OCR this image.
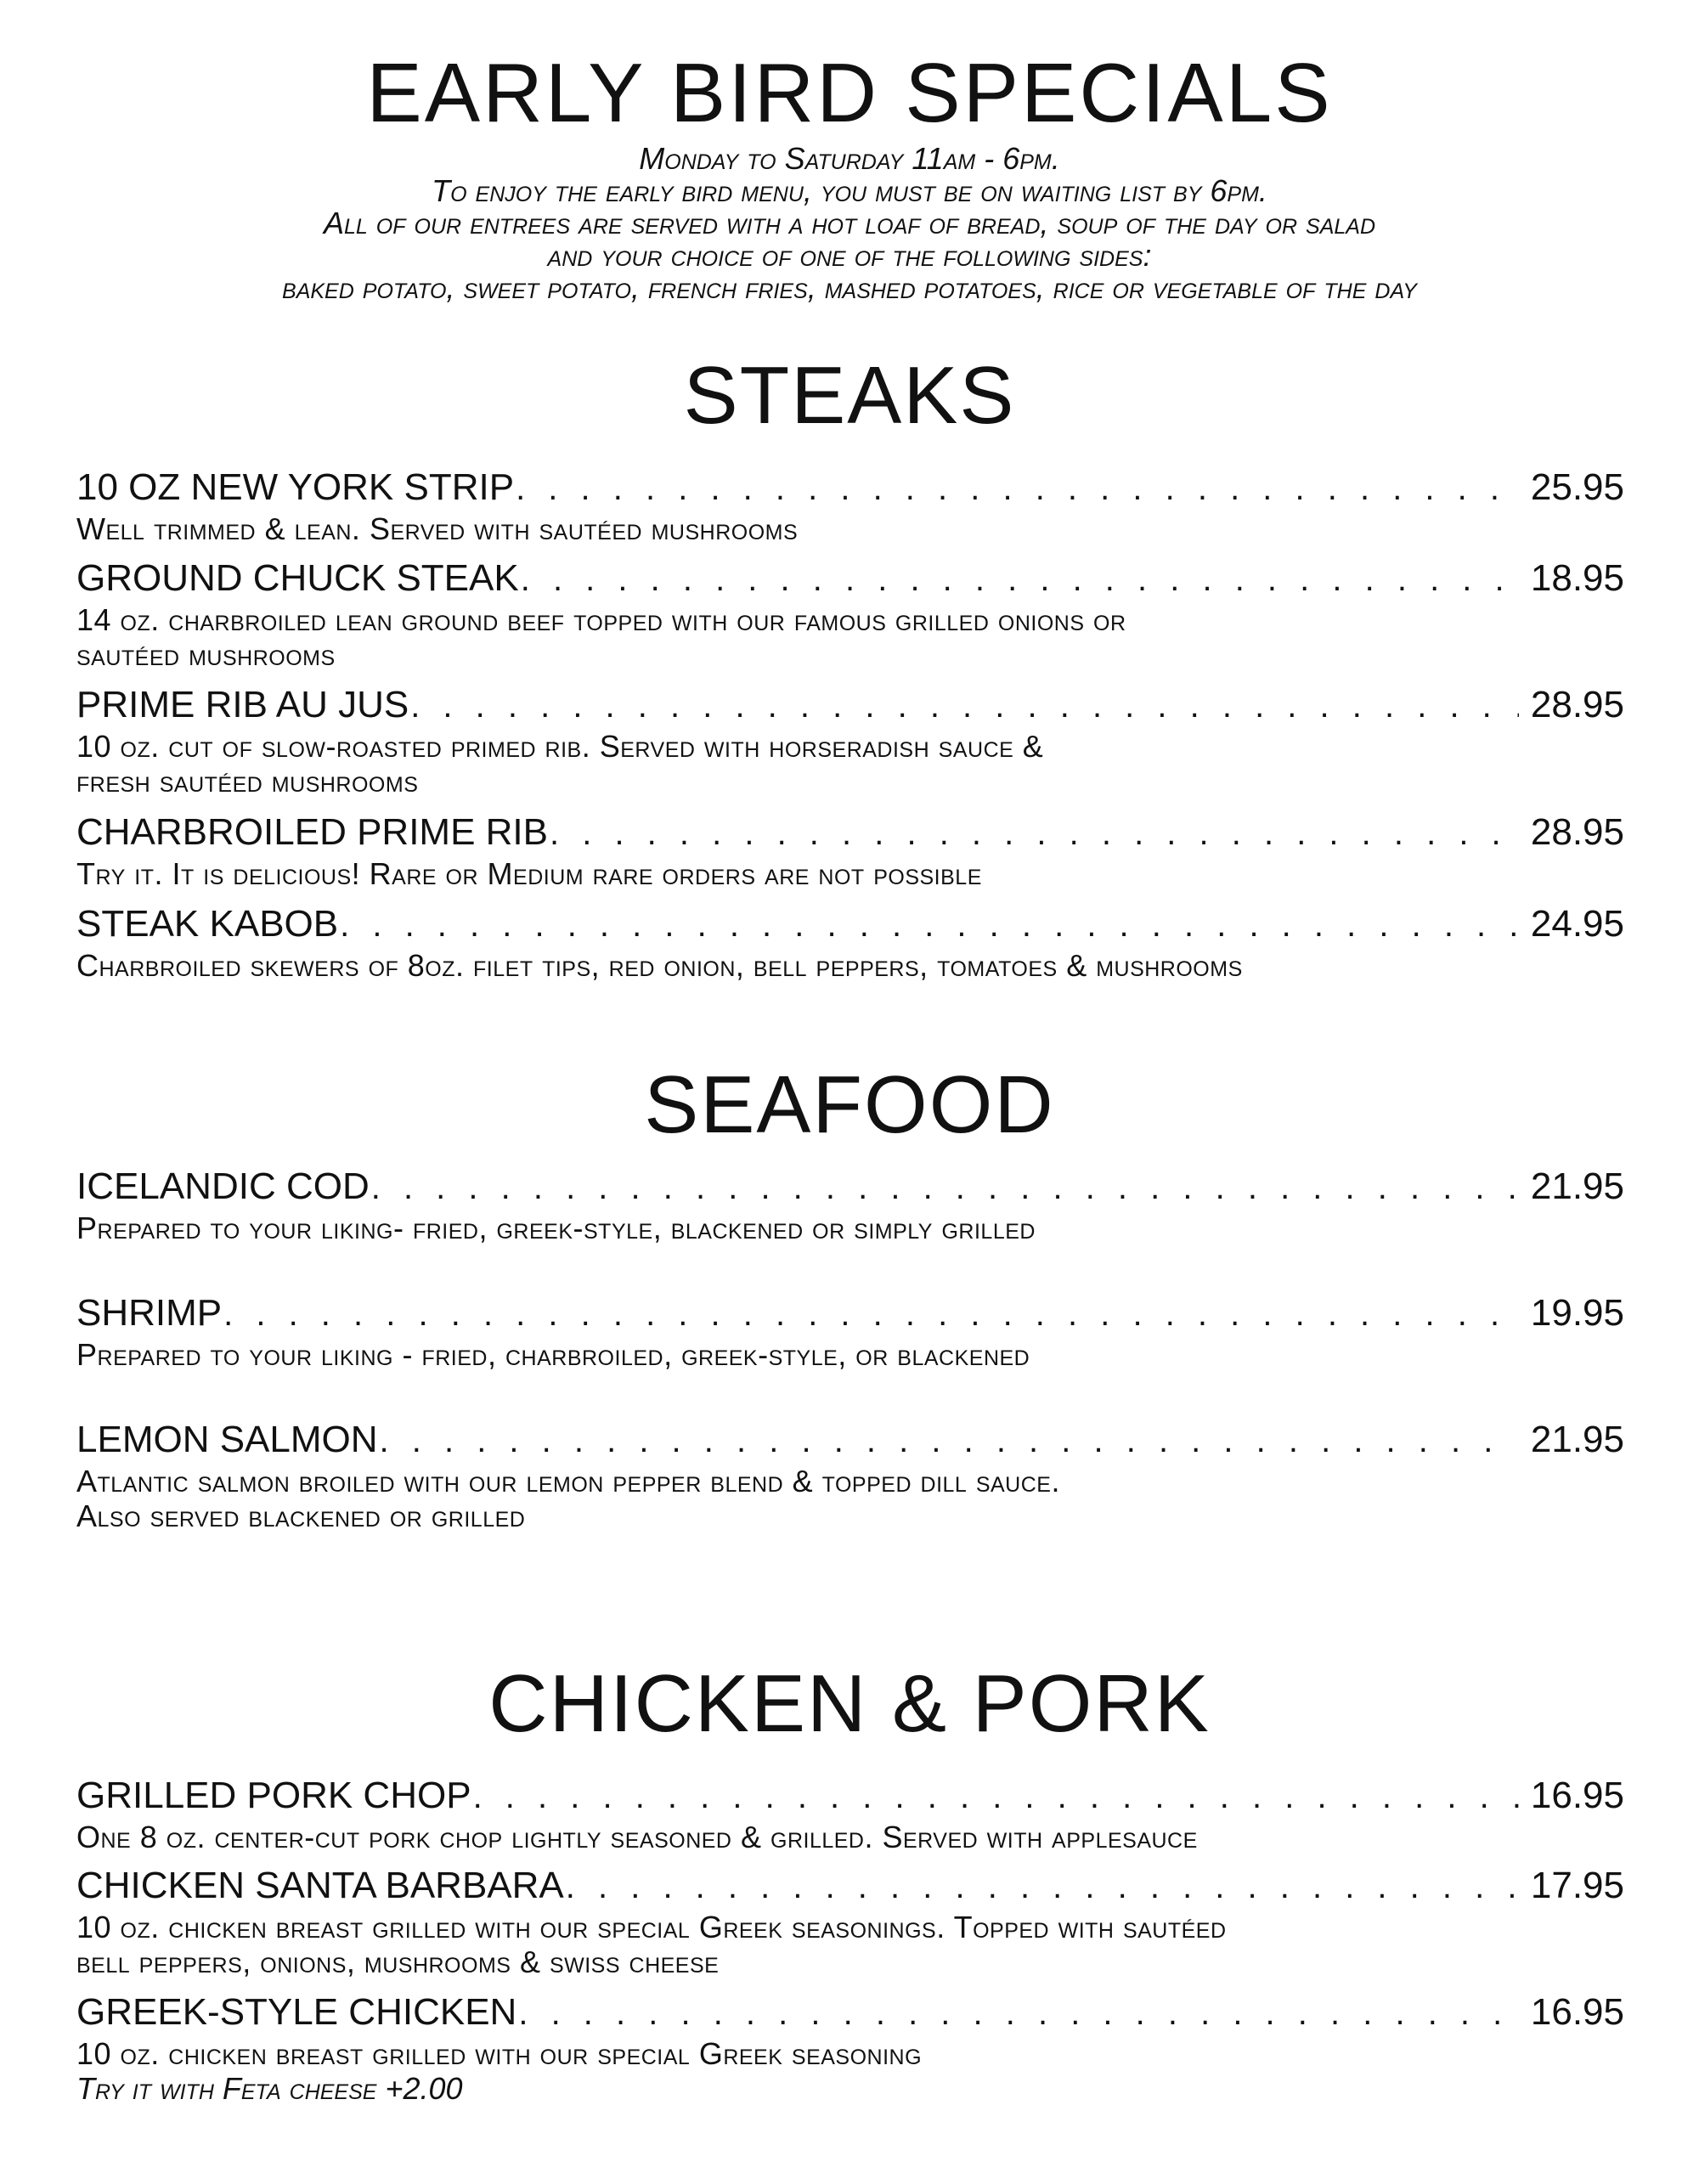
EARLY BIRD SPECIALS
Monday to Saturday 11am - 6pm.
To enjoy the early bird menu, you must be on waiting list by 6pm.
All of our entrees are served with a hot loaf of bread, soup of the day or salad
and your choice of one of the following sides:
baked potato, sweet potato, french fries, mashed potatoes, rice or vegetable of the day
STEAKS
10 OZ NEW YORK STRIP . . .	25.95
Well trimmed & lean. Served with sautéed mushrooms
GROUND CHUCK STEAK . . .	18.95
14 oz. charbroiled lean ground beef topped with our famous grilled onions or
sautéed mushrooms
PRIME RIB AU JUS . . .	28.95
10 oz. cut of slow-roasted primed rib. Served with horseradish sauce &
fresh sautéed mushrooms
CHARBROILED PRIME RIB . . .	28.95
Try it. It is delicious! Rare or Medium rare orders are not possible
STEAK KABOB . . .	24.95
Charbroiled skewers of 8oz. filet tips, red onion, bell peppers, tomatoes & mushrooms
SEAFOOD
ICELANDIC COD . . .	21.95
Prepared to your liking- fried, greek-style, blackened or simply grilled
SHRIMP . . .	19.95
Prepared to your liking - fried, charbroiled, greek-style, or blackened
LEMON SALMON . . .	21.95
Atlantic salmon broiled with our lemon pepper blend & topped dill sauce.
Also served blackened or grilled
CHICKEN & PORK
GRILLED PORK CHOP . . .	16.95
One 8 oz. center-cut pork chop lightly seasoned & grilled. Served with applesauce
CHICKEN SANTA BARBARA . . .	17.95
10 oz. chicken breast grilled with our special Greek seasonings. Topped with sautéed
bell peppers, onions, mushrooms & swiss cheese
GREEK-STYLE CHICKEN . . .	16.95
10 oz. chicken breast grilled with our special Greek seasoning
Try it with Feta cheese +2.00
